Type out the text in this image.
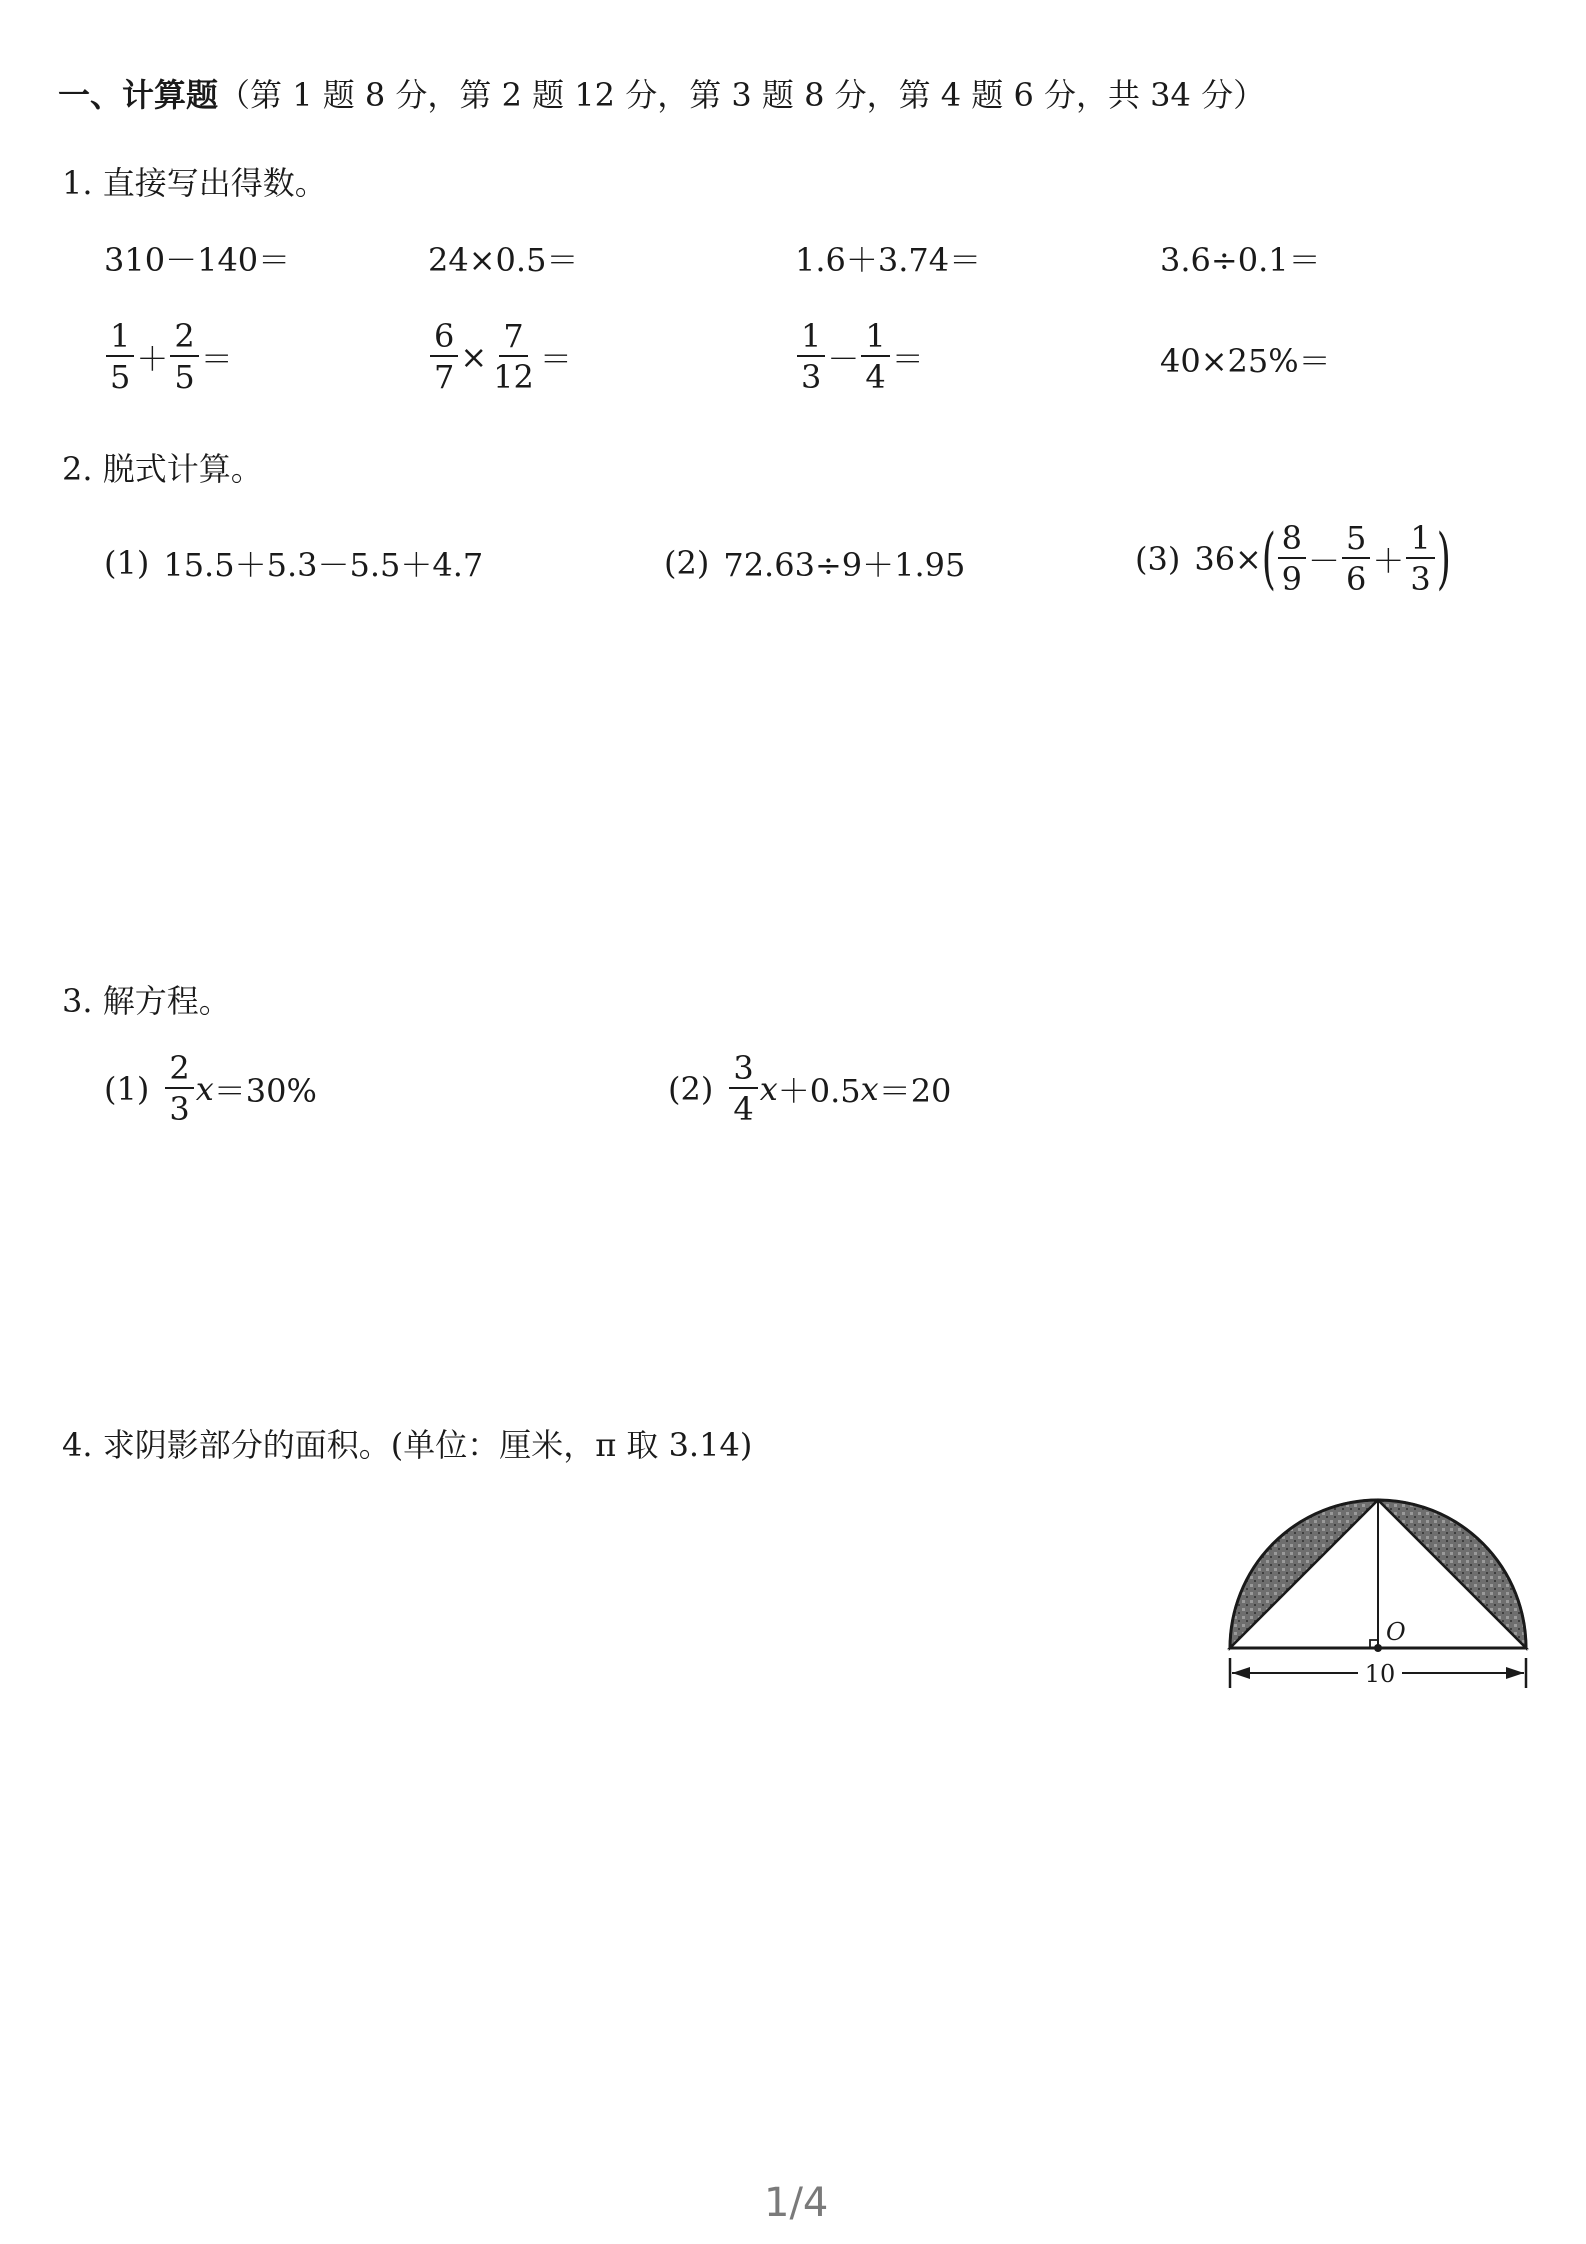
一、计算题（第 1 题 8 分，第 2 题 12 分，第 3 题 8 分，第 4 题 6 分，共 34 分）
1. 直接写出得数。
310－140＝	24×0.5＝	1.6＋3.74＝	3.6÷0.1＝
$\frac{1}{5} + \frac{2}{5}$ ＝	$\frac{6}{7} \times \frac{7}{12}$ ＝	$\frac{1}{3} - \frac{1}{4}$ ＝	40×25%＝
2. 脱式计算。
(1) 15.5＋5.3－5.5＋4.7	(2) 72.63÷9＋1.95	(3) 36× ( $\frac{8}{9} - \frac{5}{6} + \frac{1}{3}$ )
3. 解方程。
$(1) \frac{2}{3}$ x ＝30%	$(2) \frac{3}{4}$ x ＋0.5 x ＝20
4. 求阴影部分的面积。(单位：厘米，π 取 3.14)
O
10
1/4
